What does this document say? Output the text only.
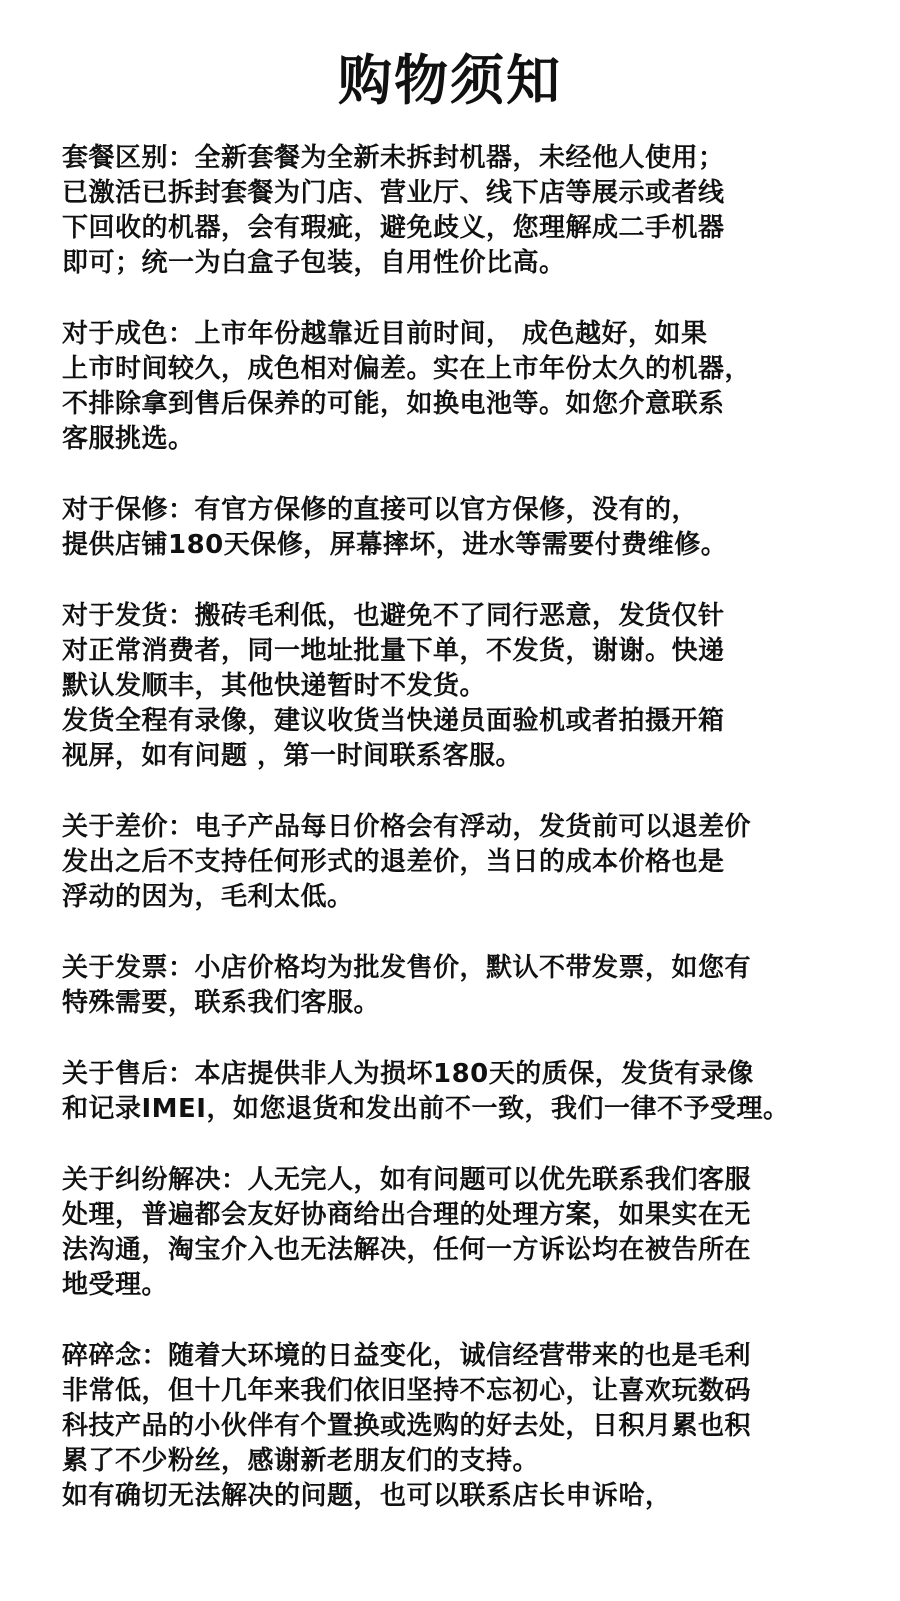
购物须知
套餐区别：全新套餐为全新未拆封机器，未经他人使用；
已激活已拆封套餐为门店、营业厅、线下店等展示或者线
下回收的机器，会有瑕疵，避免歧义，您理解成二手机器
即可；统一为白盒子包装，自用性价比高。
对于成色：上市年份越靠近目前时间， 成色越好，如果
上市时间较久，成色相对偏差。实在上市年份太久的机器，
不排除拿到售后保养的可能，如换电池等。如您介意联系
客服挑选。
对于保修：有官方保修的直接可以官方保修，没有的，
提供店铺180天保修，屏幕摔坏，进水等需要付费维修。
对于发货：搬砖毛利低，也避免不了同行恶意，发货仅针
对正常消费者，同一地址批量下单，不发货，谢谢。快递
默认发顺丰，其他快递暂时不发货。
发货全程有录像，建议收货当快递员面验机或者拍摄开箱
视屏，如有问题 ，第一时间联系客服。
关于差价：电子产品每日价格会有浮动，发货前可以退差价
发出之后不支持任何形式的退差价，当日的成本价格也是
浮动的因为，毛利太低。
关于发票：小店价格均为批发售价，默认不带发票，如您有
特殊需要，联系我们客服。
关于售后：本店提供非人为损坏180天的质保，发货有录像
和记录IMEI，如您退货和发出前不一致，我们一律不予受理。
关于纠纷解决：人无完人，如有问题可以优先联系我们客服
处理，普遍都会友好协商给出合理的处理方案，如果实在无
法沟通，淘宝介入也无法解决，任何一方诉讼均在被告所在
地受理。
碎碎念：随着大环境的日益变化，诚信经营带来的也是毛利
非常低，但十几年来我们依旧坚持不忘初心，让喜欢玩数码
科技产品的小伙伴有个置换或选购的好去处，日积月累也积
累了不少粉丝，感谢新老朋友们的支持。
如有确切无法解决的问题，也可以联系店长申诉哈，
